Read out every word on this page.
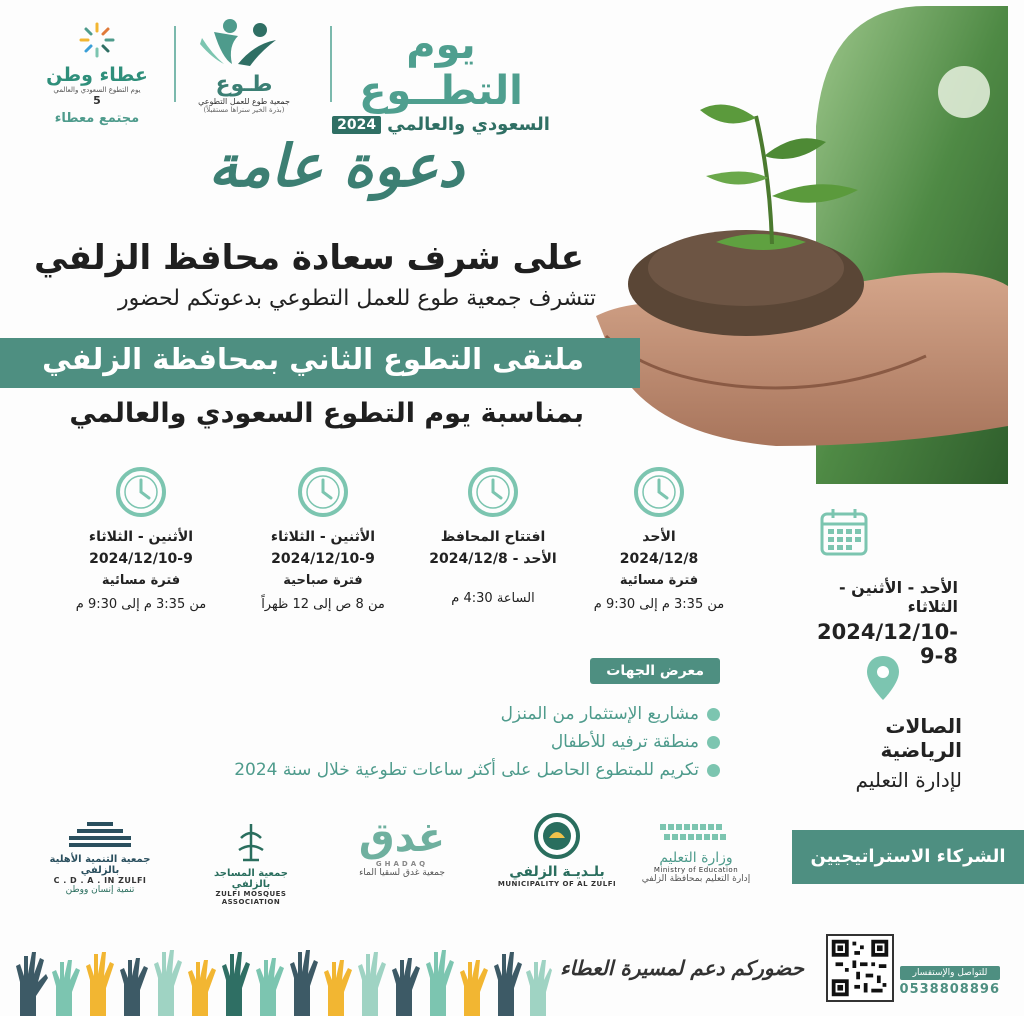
يوم التطــوع
السعودي والعالمي
2024
طـوع
جمعية طوع للعمل التطوعي
(بذرة الخير سنراها مستقبلاً)
عطاء وطن
يوم التطوع السعودي والعالمي
5
مجتمع معطاء
دعوة عامة
على شرف سعادة محافظ الزلفي
تتشرف جمعية طوع للعمل التطوعي بدعوتكم لحضور
ملتقى التطوع الثاني بمحافظة الزلفي
بمناسبة يوم التطوع السعودي والعالمي
الأحد
2024/12/8
فترة مسائية
من 3:35 م إلى 9:30 م
افتتاح المحافظ
الأحد - 2024/12/8
الساعة 4:30 م
الأثنين - الثلاثاء
2024/12/10-9
فترة صباحية
من 8 ص إلى 12 ظهراً
الأثنين - الثلاثاء
2024/12/10-9
فترة مسائية
من 3:35 م إلى 9:30 م
الأحد - الأثنين - الثلاثاء
2024/12/10-9-8
معرض الجهات
مشاريع الإستثمار من المنزل
منطقة ترفيه للأطفال
تكريم للمتطوع الحاصل على أكثر ساعات تطوعية خلال سنة 2024
الصالات الرياضية
لإدارة التعليم
الشركاء الاستراتيجيين
وزارة التعليم
Ministry of Education
إدارة التعليم بمحافظة الزلفي
بلـديـة الزلفي
MUNICIPALITY OF AL ZULFI
غدق
GHADAQ
جمعية غدق لسقيا الماء
جمعية المساجد بالزلفي
ZULFI MOSQUES ASSOCIATION
جمعية التنمية الأهلية بالزلفي
C . D . A . IN ZULFI
تنمية إنسان ووطن
حضوركم دعم لمسيرة العطاء	للتواصل والإستفسار
0538808896
